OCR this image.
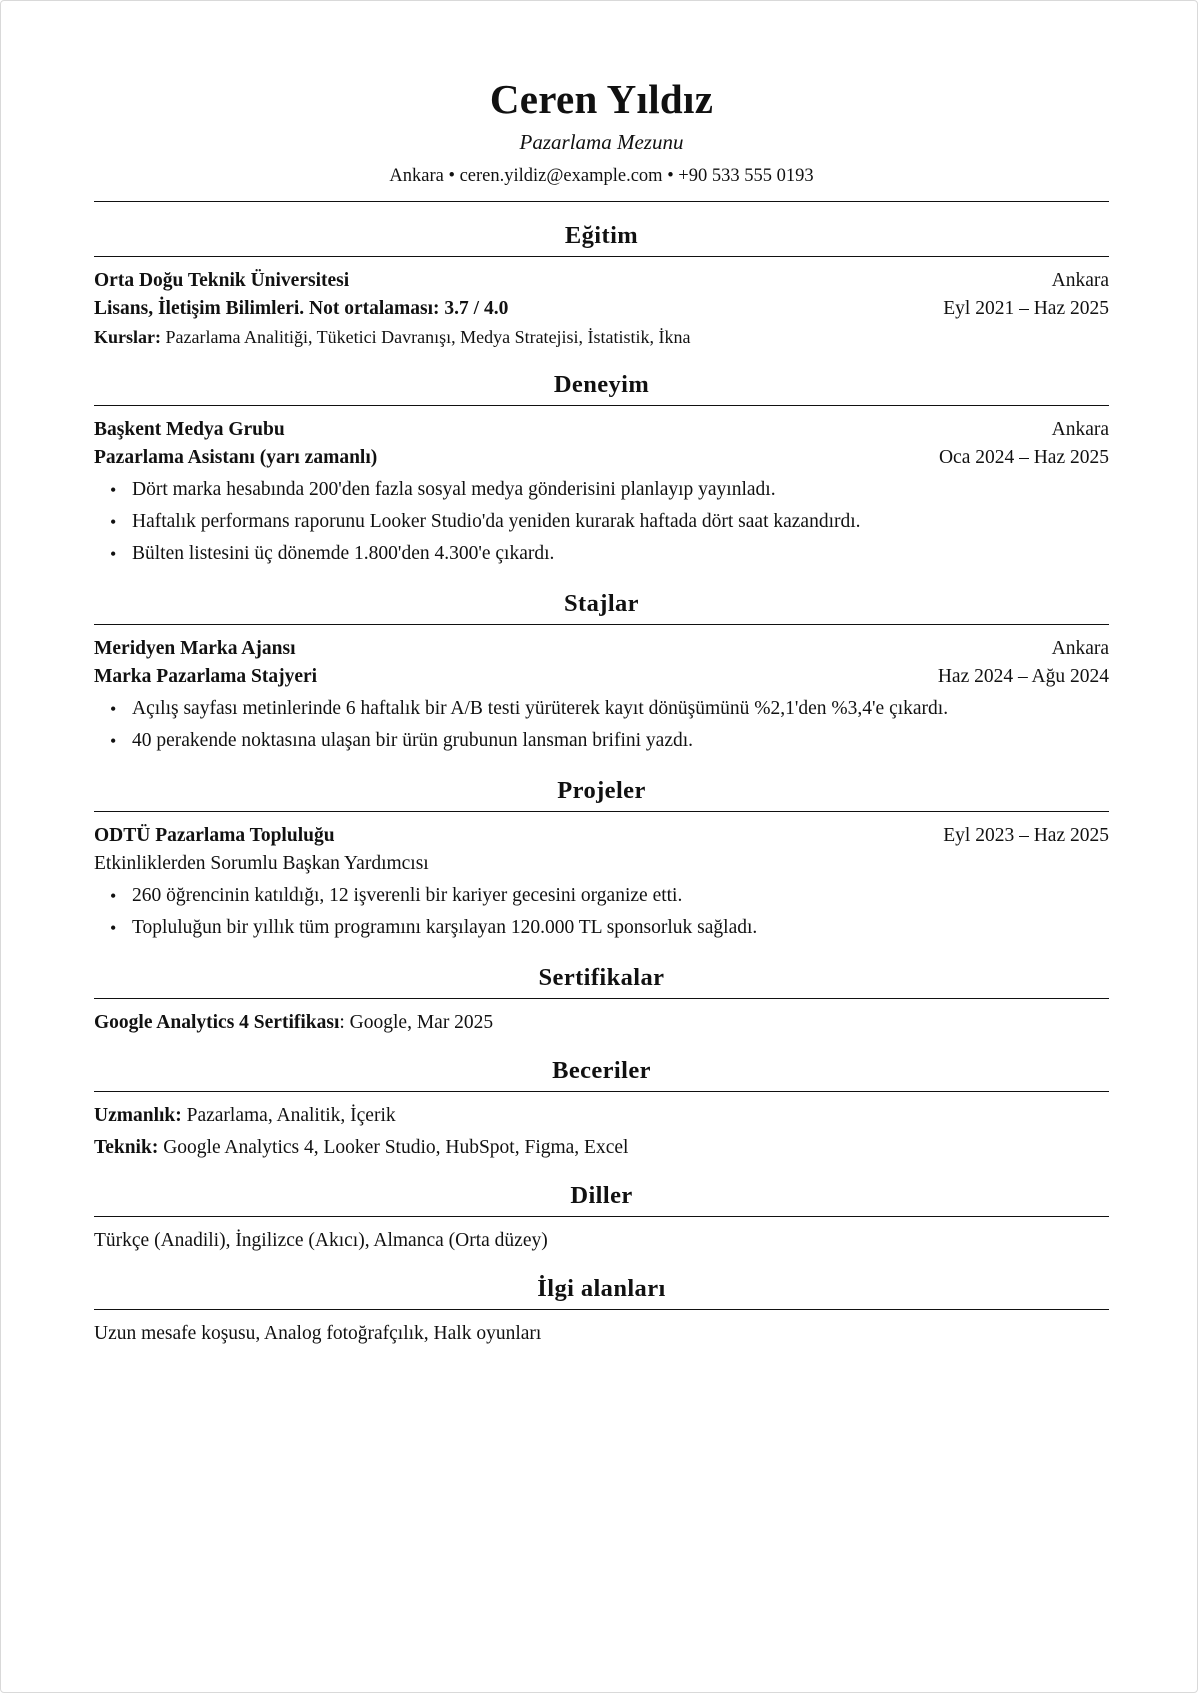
Ceren Yıldız
Pazarlama Mezunu
Ankara • ceren.yildiz@example.com • +90 533 555 0193
Eğitim
Orta Doğu Teknik Üniversitesi	Ankara
Lisans, İletişim Bilimleri. Not ortalaması: 3.7 / 4.0	Eyl 2021 – Haz 2025
Kurslar: Pazarlama Analitiği, Tüketici Davranışı, Medya Stratejisi, İstatistik, İkna
Deneyim
Başkent Medya Grubu	Ankara
Pazarlama Asistanı (yarı zamanlı)	Oca 2024 – Haz 2025
• Dört marka hesabında 200'den fazla sosyal medya gönderisini planlayıp yayınladı.
• Haftalık performans raporunu Looker Studio'da yeniden kurarak haftada dört saat kazandırdı.
• Bülten listesini üç dönemde 1.800'den 4.300'e çıkardı.
Stajlar
Meridyen Marka Ajansı	Ankara
Marka Pazarlama Stajyeri	Haz 2024 – Ağu 2024
• Açılış sayfası metinlerinde 6 haftalık bir A/B testi yürüterek kayıt dönüşümünü %2,1'den %3,4'e çıkardı.
• 40 perakende noktasına ulaşan bir ürün grubunun lansman brifini yazdı.
Projeler
ODTÜ Pazarlama Topluluğu	Eyl 2023 – Haz 2025
Etkinliklerden Sorumlu Başkan Yardımcısı
• 260 öğrencinin katıldığı, 12 işverenli bir kariyer gecesini organize etti.
• Topluluğun bir yıllık tüm programını karşılayan 120.000 TL sponsorluk sağladı.
Sertifikalar
Google Analytics 4 Sertifikası: Google, Mar 2025
Beceriler
Uzmanlık: Pazarlama, Analitik, İçerik
Teknik: Google Analytics 4, Looker Studio, HubSpot, Figma, Excel
Diller
Türkçe (Anadili), İngilizce (Akıcı), Almanca (Orta düzey)
İlgi alanları
Uzun mesafe koşusu, Analog fotoğrafçılık, Halk oyunları
